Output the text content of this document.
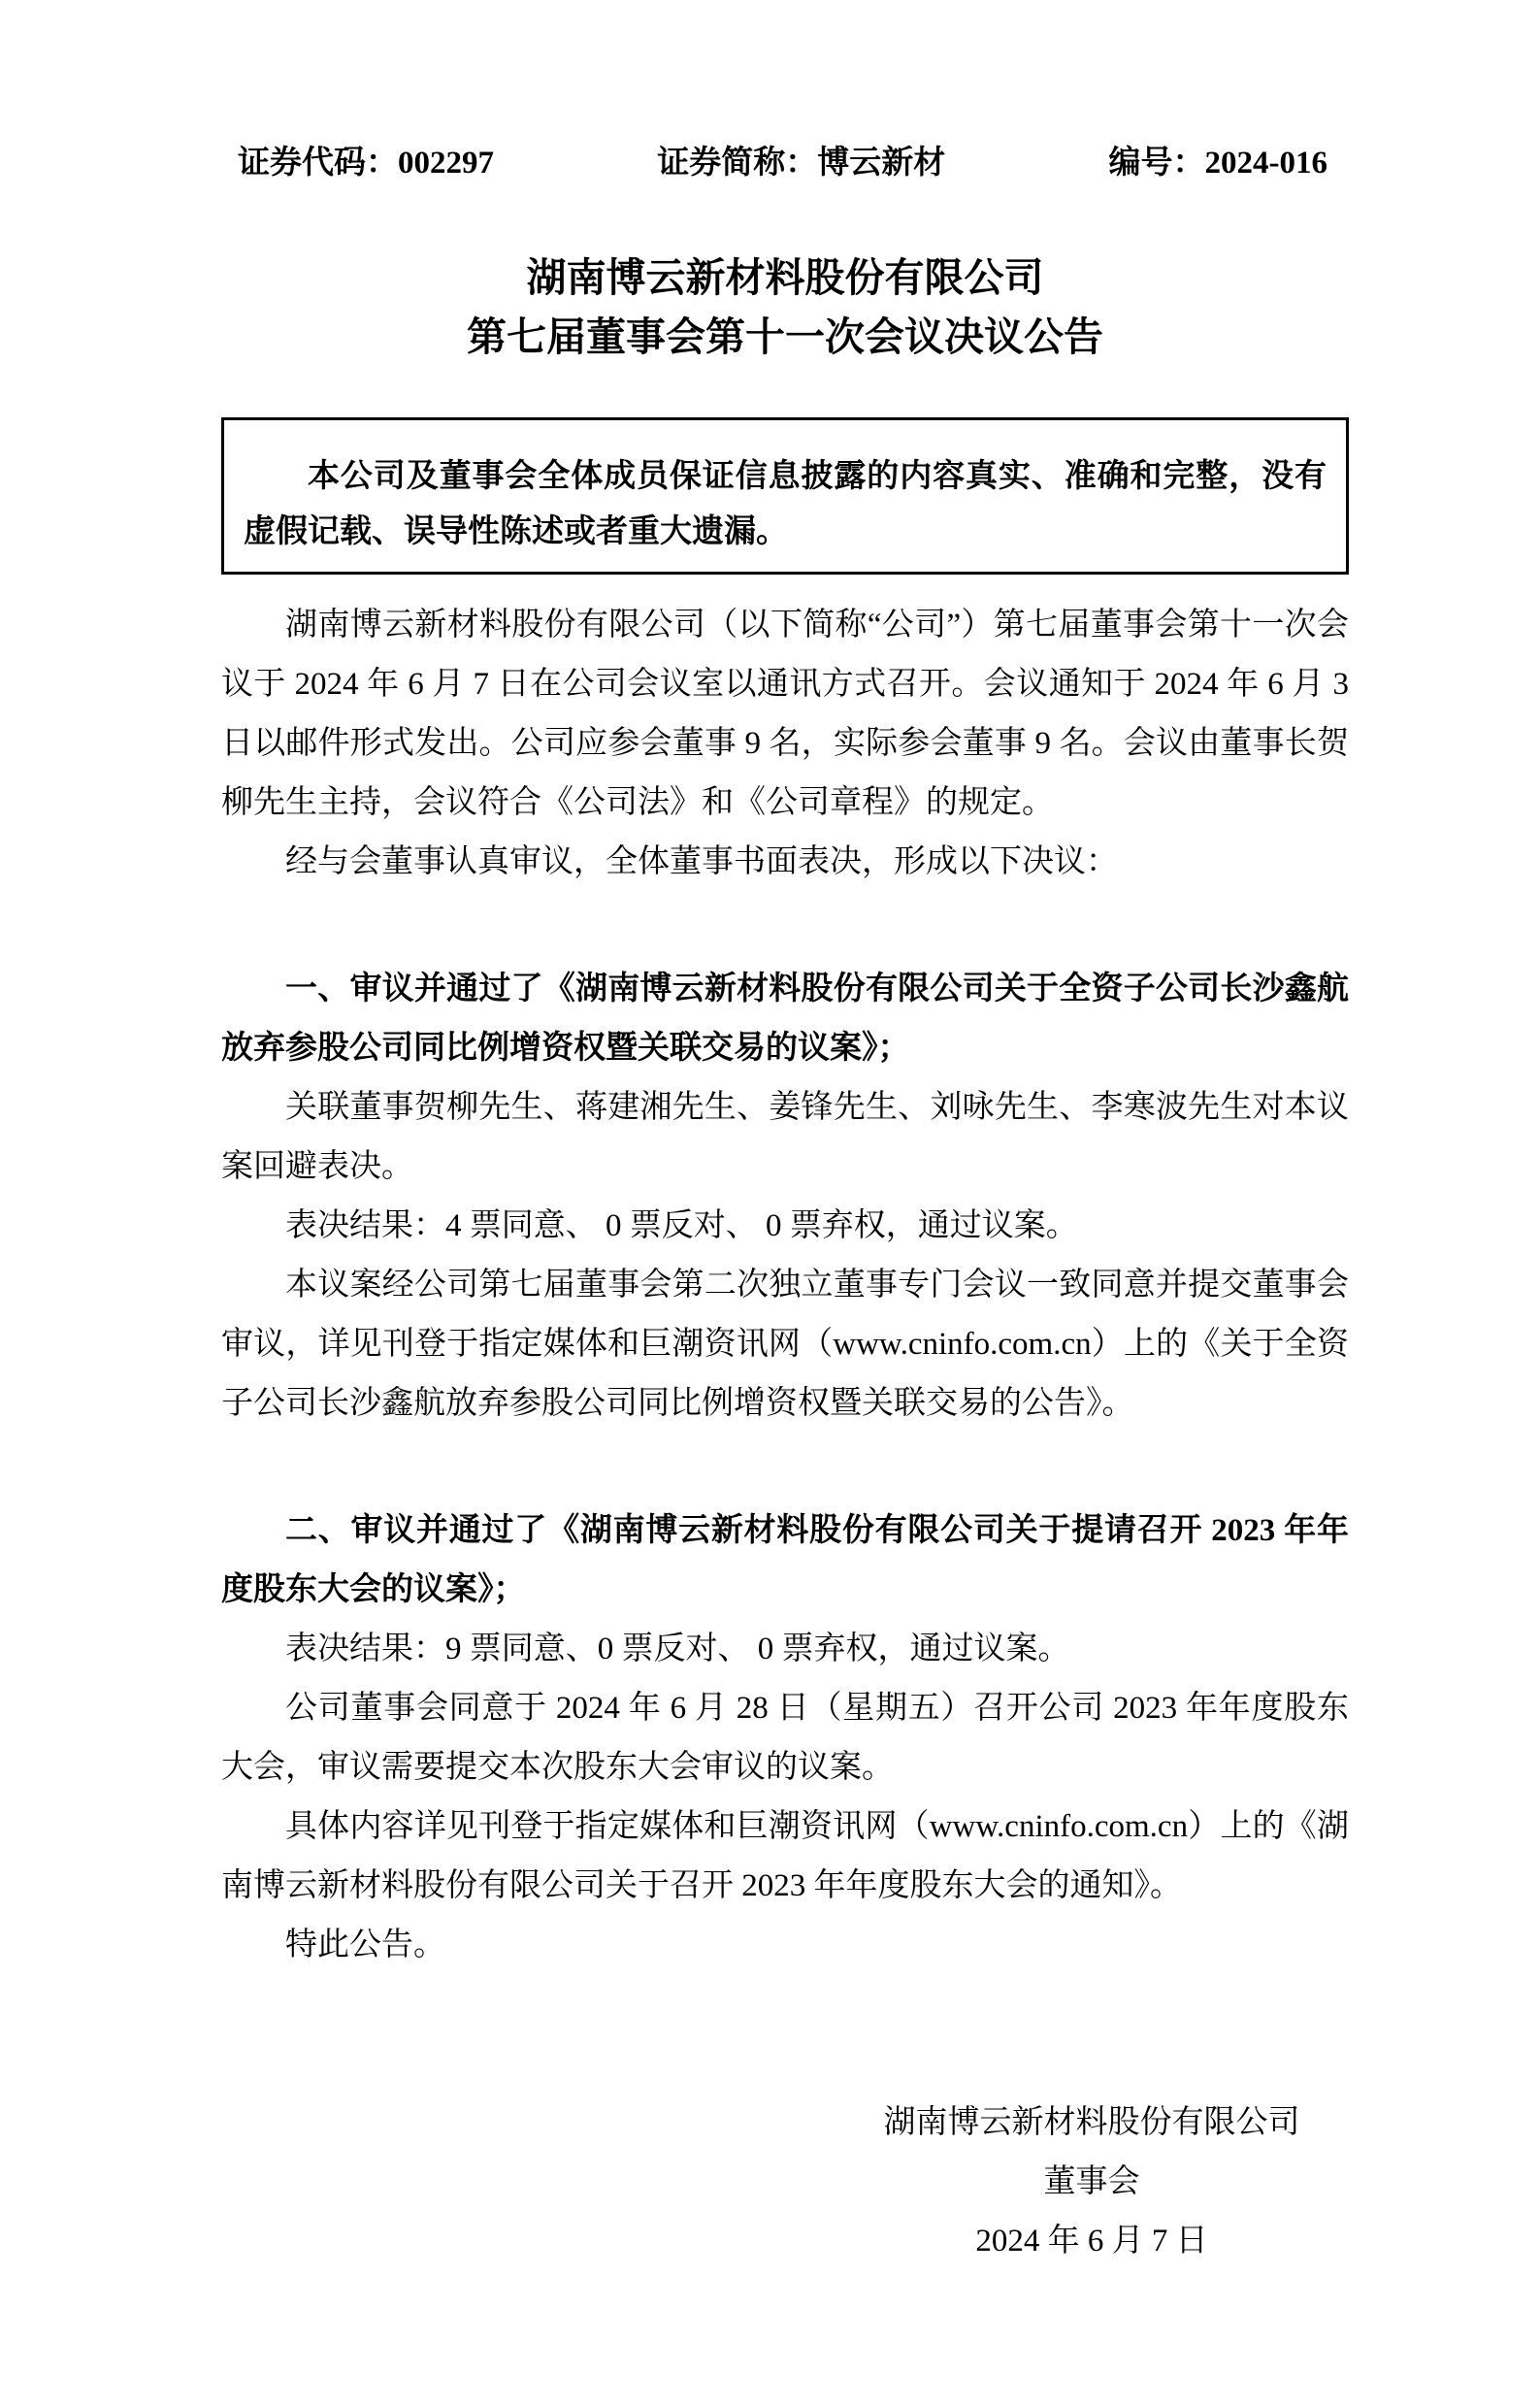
证券代码：002297	证券简称：博云新材	编号：2024-016
湖南博云新材料股份有限公司
第七届董事会第十一次会议决议公告
本公司及董事会全体成员保证信息披露的内容真实、准确和完整，没有虚假记载、误导性陈述或者重大遗漏。

湖南博云新材料股份有限公司（以下简称“公司”）第七届董事会第十一次会议于 2024 年 6 月 7 日在公司会议室以通讯方式召开。会议通知于 2024 年 6 月 3 日以邮件形式发出。公司应参会董事 9 名，实际参会董事 9 名。会议由董事长贺柳先生主持，会议符合《公司法》和《公司章程》的规定。

经与会董事认真审议，全体董事书面表决，形成以下决议：

一、审议并通过了《湖南博云新材料股份有限公司关于全资子公司长沙鑫航放弃参股公司同比例增资权暨关联交易的议案》；

关联董事贺柳先生、蒋建湘先生、姜锋先生、刘咏先生、李寒波先生对本议案回避表决。

表决结果：4 票同意、 0 票反对、 0 票弃权，通过议案。

本议案经公司第七届董事会第二次独立董事专门会议一致同意并提交董事会审议，详见刊登于指定媒体和巨潮资讯网（www.cninfo.com.cn）上的《关于全资子公司长沙鑫航放弃参股公司同比例增资权暨关联交易的公告》。

二、审议并通过了《湖南博云新材料股份有限公司关于提请召开 2023 年年度股东大会的议案》；

表决结果：9 票同意、0 票反对、 0 票弃权，通过议案。

公司董事会同意于 2024 年 6 月 28 日（星期五）召开公司 2023 年年度股东大会，审议需要提交本次股东大会审议的议案。

具体内容详见刊登于指定媒体和巨潮资讯网（www.cninfo.com.cn）上的《湖南博云新材料股份有限公司关于召开 2023 年年度股东大会的通知》。

特此公告。

湖南博云新材料股份有限公司
董事会
2024 年 6 月 7 日
